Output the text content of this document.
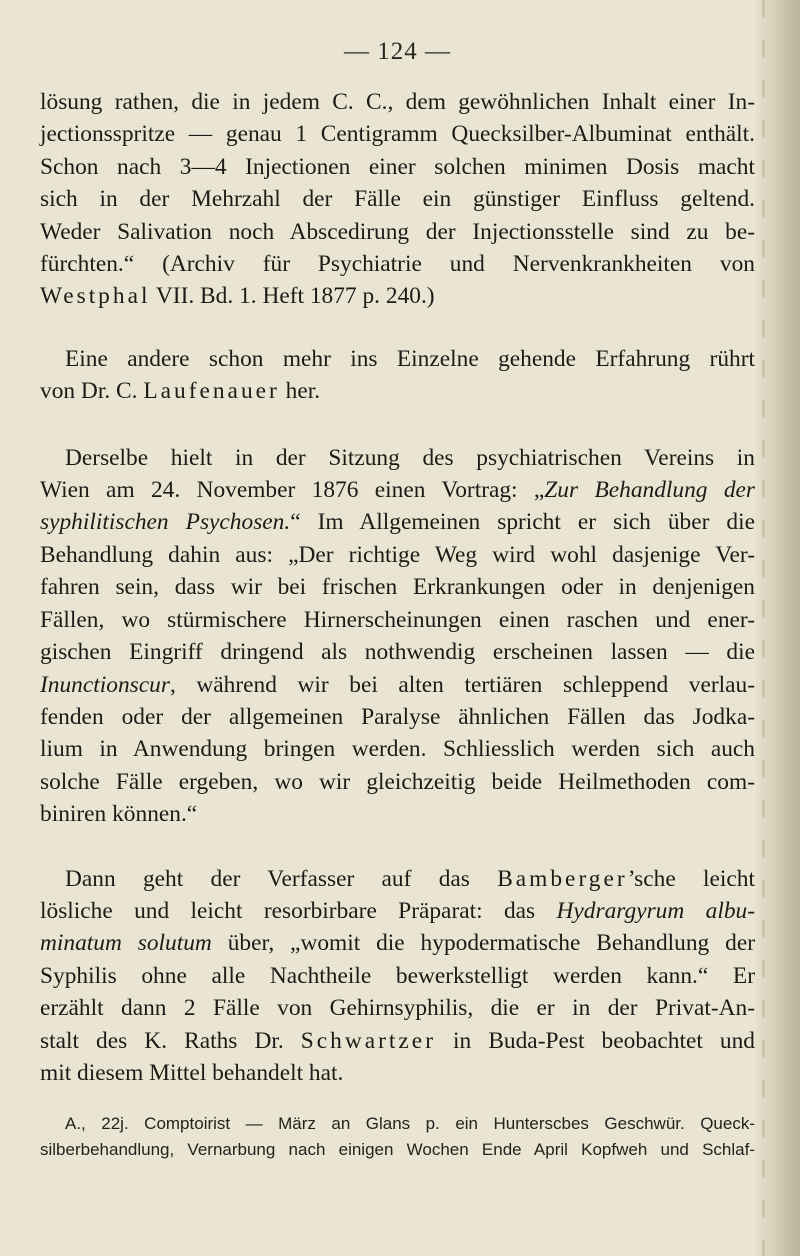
— 124 —
lösung rathen, die in jedem C. C., dem gewöhnlichen Inhalt einer In-
jectionsspritze — genau 1 Centigramm Quecksilber-Albuminat enthält.
Schon nach 3—4 Injectionen einer solchen minimen Dosis macht
sich in der Mehrzahl der Fälle ein günstiger Einfluss geltend.
Weder Salivation noch Abscedirung der Injectionsstelle sind zu be-
fürchten.“ (Archiv für Psychiatrie und Nervenkrankheiten von
Westphal VII. Bd. 1. Heft 1877 p. 240.)
Eine andere schon mehr ins Einzelne gehende Erfahrung rührt
von Dr. C. Laufenauer her.
Derselbe hielt in der Sitzung des psychiatrischen Vereins in
Wien am 24. November 1876 einen Vortrag: „Zur Behandlung der
syphilitischen Psychosen.“ Im Allgemeinen spricht er sich über die
Behandlung dahin aus: „Der richtige Weg wird wohl dasjenige Ver-
fahren sein, dass wir bei frischen Erkrankungen oder in denjenigen
Fällen, wo stürmischere Hirnerscheinungen einen raschen und ener-
gischen Eingriff dringend als nothwendig erscheinen lassen — die
Inunctionscur, während wir bei alten tertiären schleppend verlau-
fenden oder der allgemeinen Paralyse ähnlichen Fällen das Jodka-
lium in Anwendung bringen werden. Schliesslich werden sich auch
solche Fälle ergeben, wo wir gleichzeitig beide Heilmethoden com-
biniren können.“
Dann geht der Verfasser auf das Bamberger’sche leicht
lösliche und leicht resorbirbare Präparat: das Hydrargyrum albu-
minatum solutum über, „womit die hypodermatische Behandlung der
Syphilis ohne alle Nachtheile bewerkstelligt werden kann.“ Er
erzählt dann 2 Fälle von Gehirnsyphilis, die er in der Privat-An-
stalt des K. Raths Dr. Schwartzer in Buda-Pest beobachtet und
mit diesem Mittel behandelt hat.
A., 22j. Comptoirist — März an Glans p. ein Hunterscbes Geschwür. Queck-
silberbehandlung, Vernarbung nach einigen Wochen Ende April Kopfweh und Schlaf-
